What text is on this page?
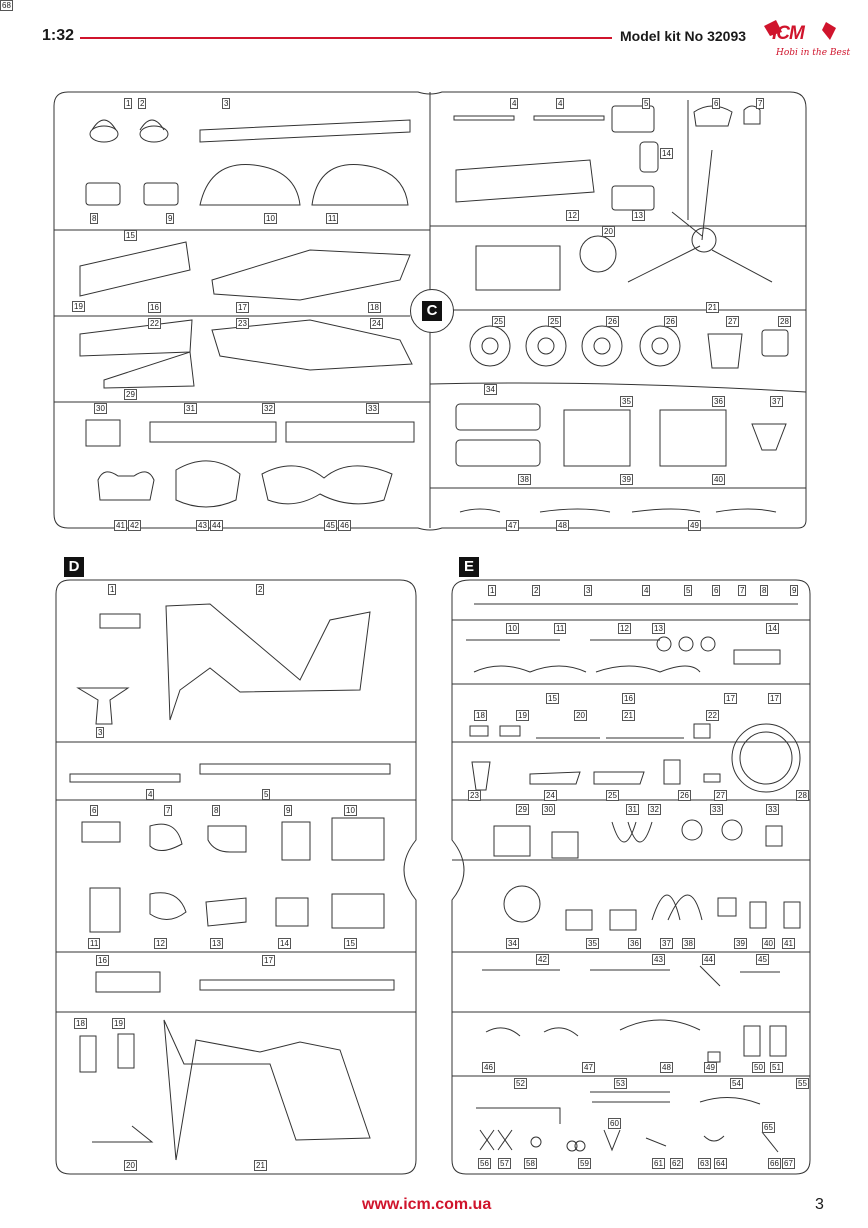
1:32	Model kit No 32093 ICM
Hobi in the Best
C
D	E
1 2	3	4	4	5	6	7
8	9	10	11	12	13
14
15
16	17	18
19
20
21
22	23	24	25	25	26	26	27	28
29
30	31	32	33
34
35	36	37
38	39	40
41 42	43 44	45 46	47	48	49
1	2
3
4	5
6	7	8	9	10
11	12	13	14	15
16	17
18	19
20	21
1	2	3	4	5	6	7 8	9
10	11	12	13	14
15	16	17	17
18	19	20	21	22
23	24	25	26	27	28
29 30	31 32	33	33
34	35	36	37 38	39 40 41
42	43	44	45
46	47	48	49	50 51
52	53	54	55
56 57 58	59
60
61 62 63 64
65
66 67
68
www.icm.com.ua	3
